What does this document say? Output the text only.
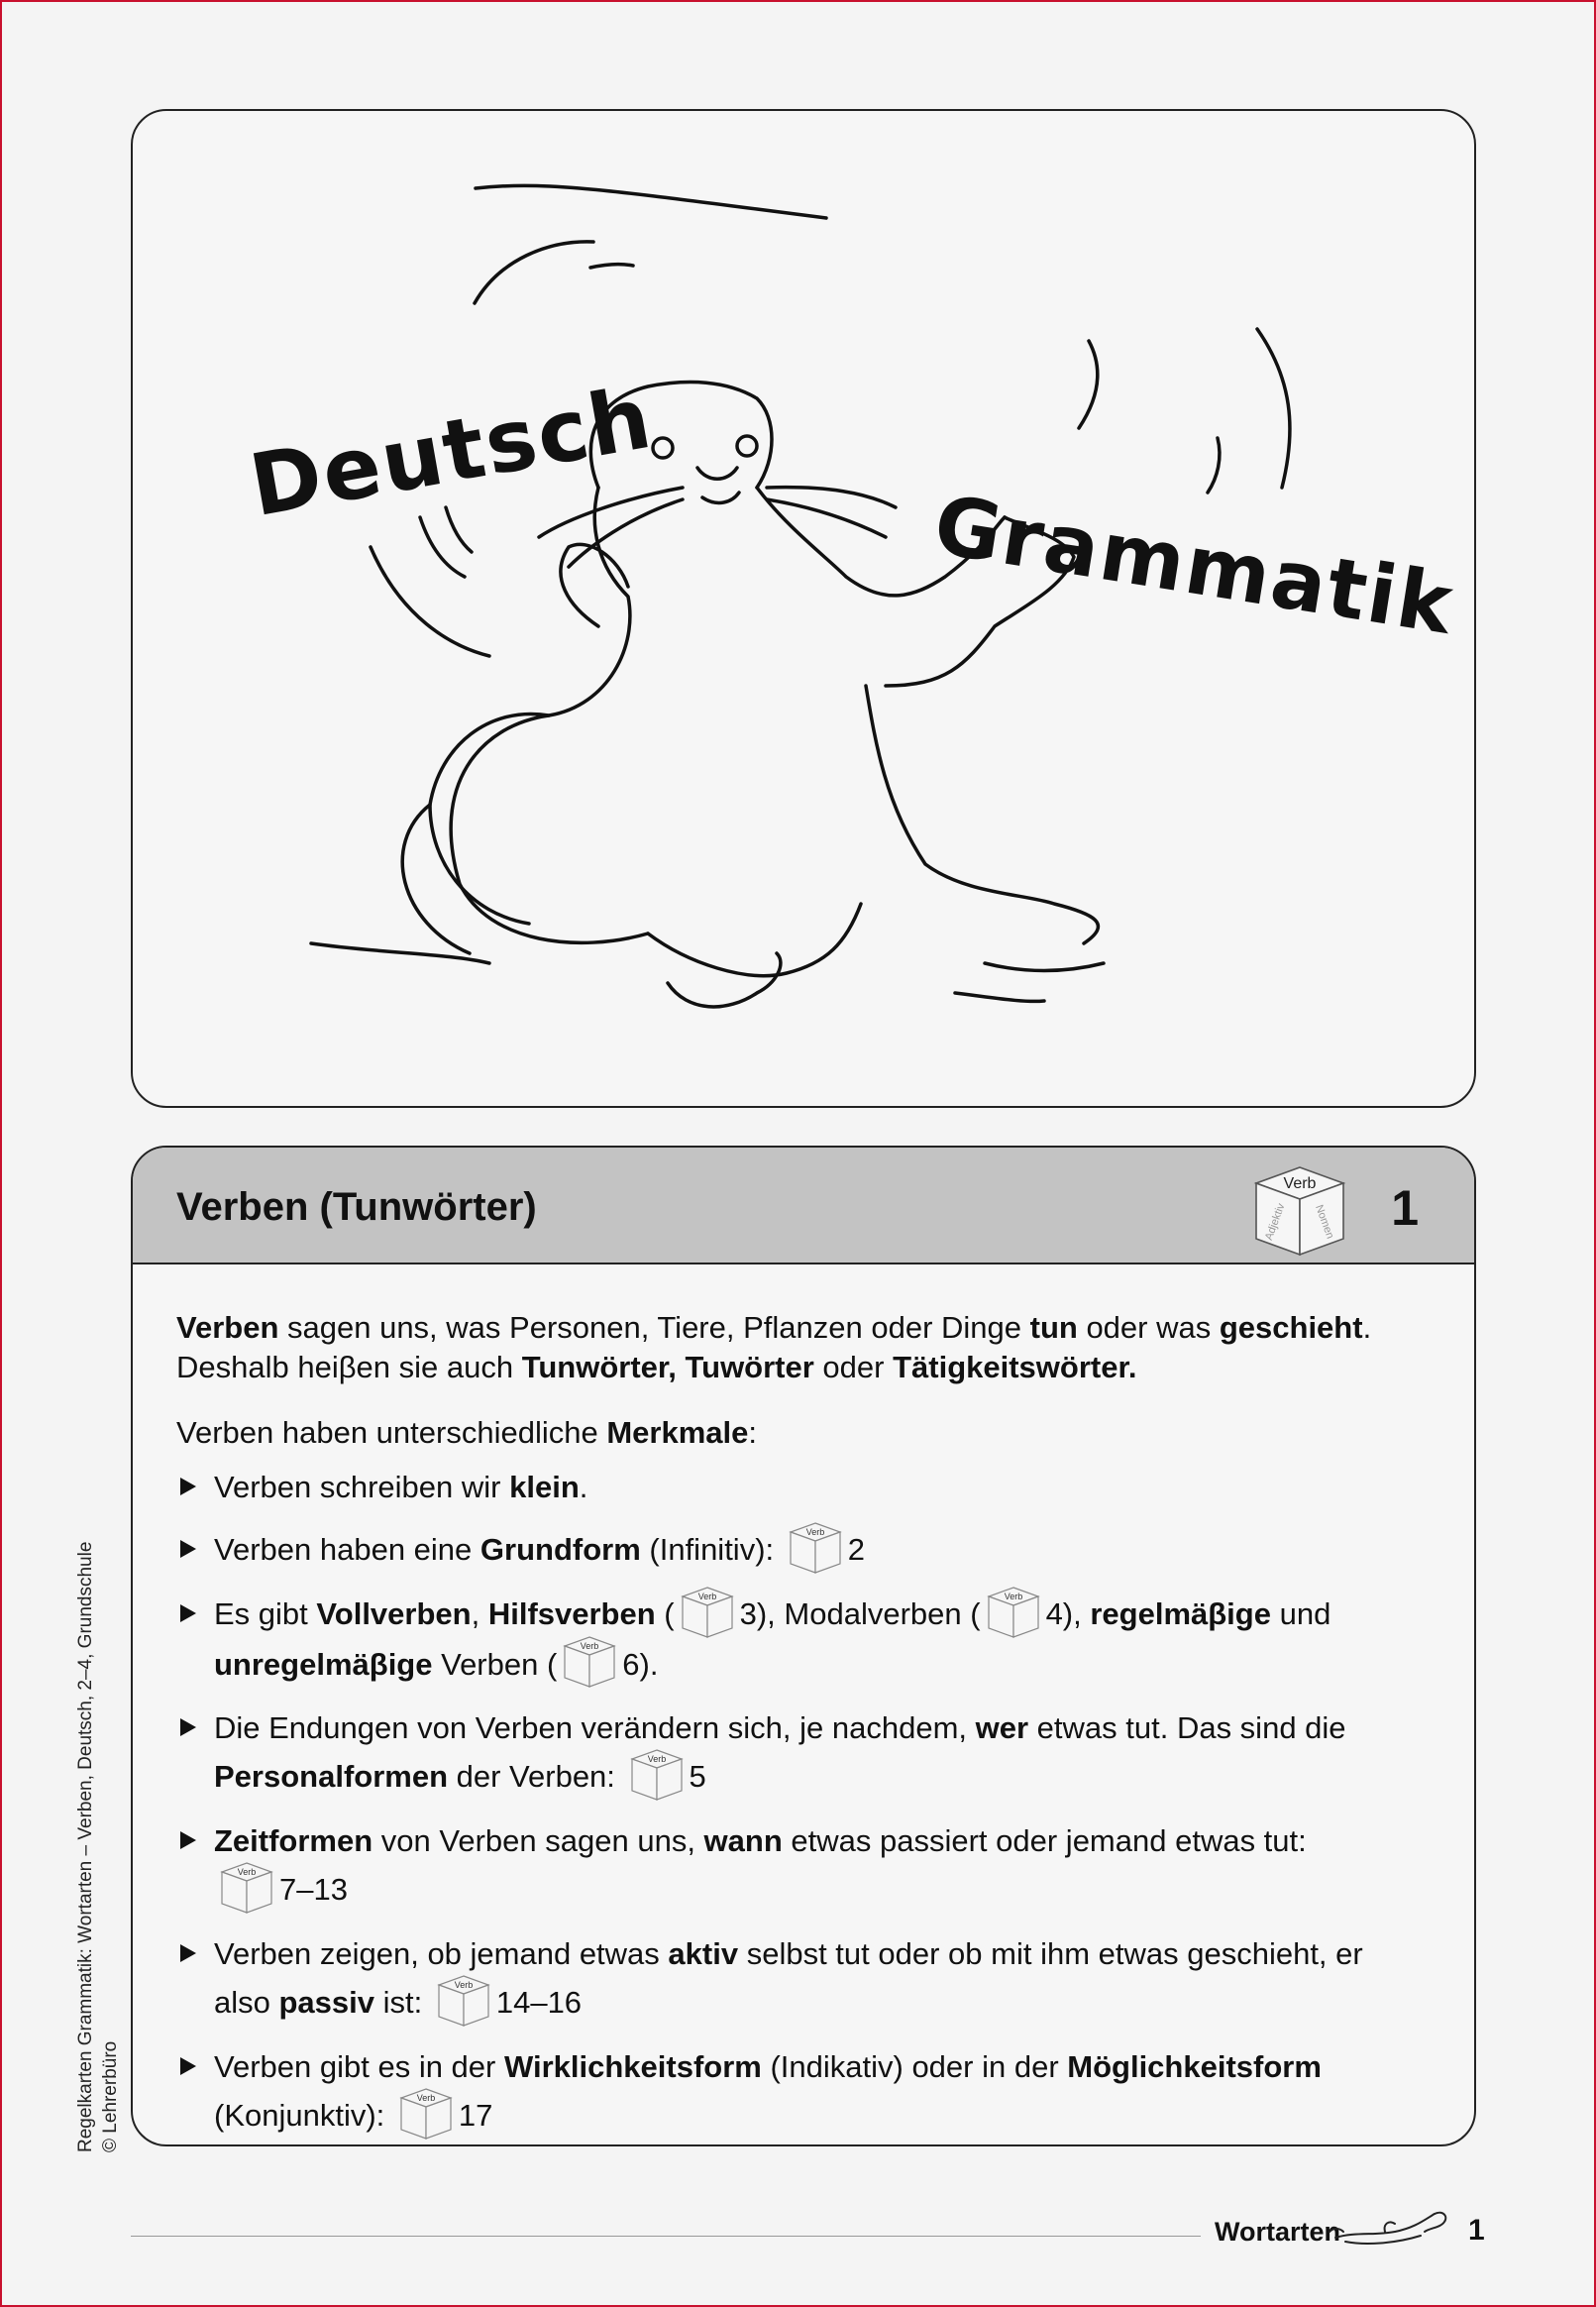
Deutsch
Grammatik
Verben (Tunwörter)
Verb
Adjektiv Nomen 1

Verben sagen uns, was Personen, Tiere, Pflanzen oder Dinge tun oder was geschieht.
Deshalb heiβen sie auch Tunwörter, Tuwörter oder Tätigkeitswörter.

Verben haben unterschiedliche Merkmale:

Verben schreiben wir klein.
Verben haben eine Grundform (Infinitiv):
Verb
2
Es gibt Vollverben, Hilfsverben (
Verb
3), Modalverben (
Verb
4), regelmäβige und
unregelmäβige Verben (
Verb
6).
Die Endungen von Verben verändern sich, je nachdem, wer etwas tut. Das sind die
Personalformen der Verben:
Verb
5
Zeitformen von Verben sagen uns, wann etwas passiert oder jemand etwas tut:

Verb
7–13
Verben zeigen, ob jemand etwas aktiv selbst tut oder ob mit ihm etwas geschieht, er
also passiv ist:
Verb
14–16
Verben gibt es in der Wirklichkeitsform (Indikativ) oder in der Möglichkeitsform
(Konjunktiv):
Verb
17
Regelkarten Grammatik: Wortarten – Verben, Deutsch, 2–4, Grundschule © Lehrerbüro
Wortarten	1
